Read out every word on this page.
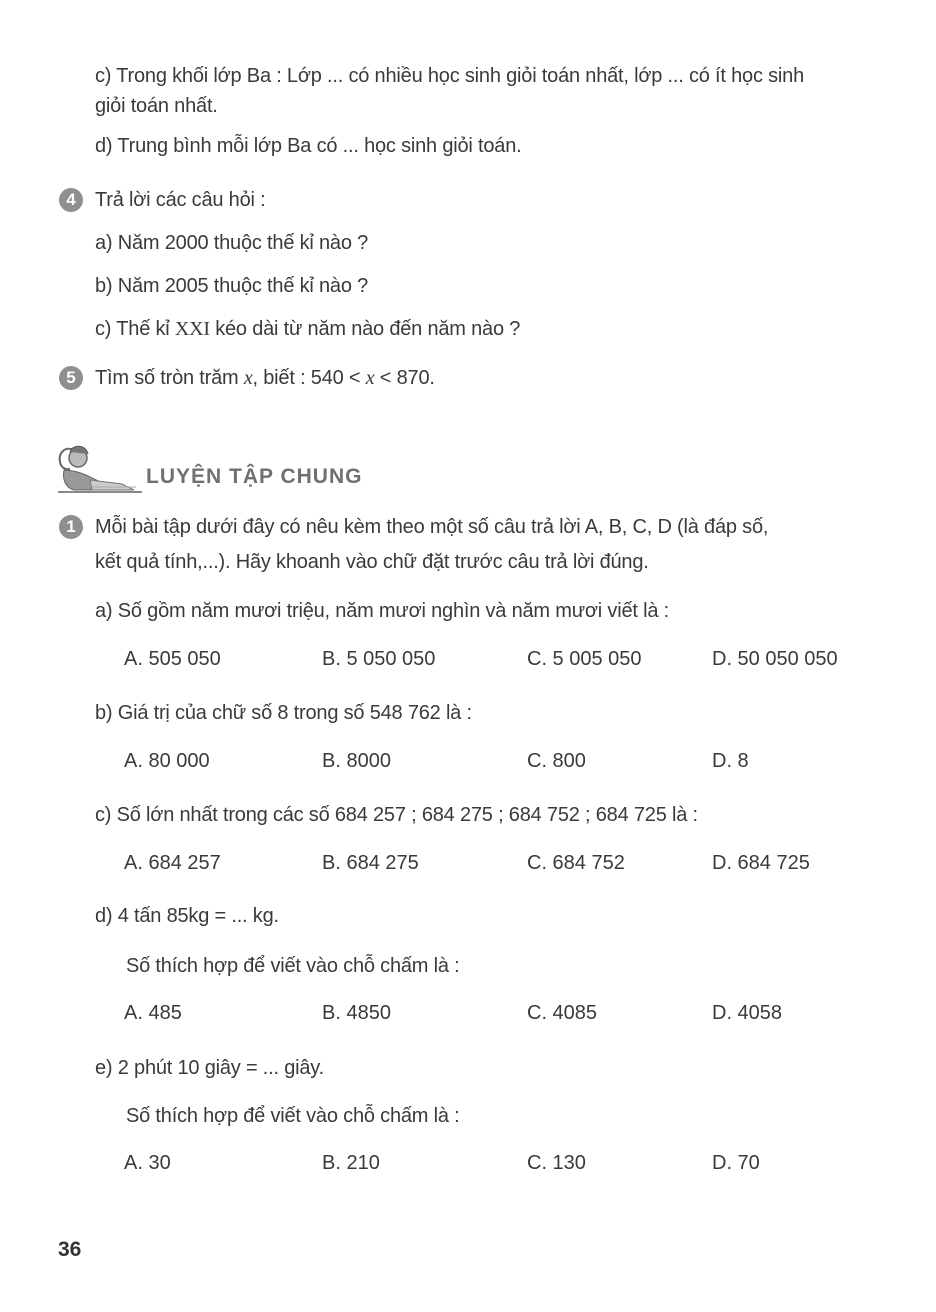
c) Trong khối lớp Ba : Lớp ... có nhiều học sinh giỏi toán nhất, lớp ... có ít học sinh
giỏi toán nhất.
d) Trung bình mỗi lớp Ba có ... học sinh giỏi toán.
4 Trả lời các câu hỏi :
a) Năm 2000 thuộc thế kỉ nào ?
b) Năm 2005 thuộc thế kỉ nào ?
c) Thế kỉ XXI kéo dài từ năm nào đến năm nào ?
5 Tìm số tròn trăm x, biết : 540 < x < 870.
LUYỆN TẬP CHUNG
1 Mỗi bài tập dưới đây có nêu kèm theo một số câu trả lời A, B, C, D (là đáp số,
kết quả tính,...). Hãy khoanh vào chữ đặt trước câu trả lời đúng.
a) Số gồm năm mươi triệu, năm mươi nghìn và năm mươi viết là :
A. 505 050	B. 5 050 050	C. 5 005 050	D. 50 050 050
b) Giá trị của chữ số 8 trong số 548 762 là :
A. 80 000	B. 8000	C. 800	D. 8
c) Số lớn nhất trong các số 684 257 ; 684 275 ; 684 752 ; 684 725 là :
A. 684 257	B. 684 275	C. 684 752	D. 684 725
d) 4 tấn 85kg = ... kg.
Số thích hợp để viết vào chỗ chấm là :
A. 485	B. 4850	C. 4085	D. 4058
e) 2 phút 10 giây = ... giây.
Số thích hợp để viết vào chỗ chấm là :
A. 30	B. 210	C. 130	D. 70
36
